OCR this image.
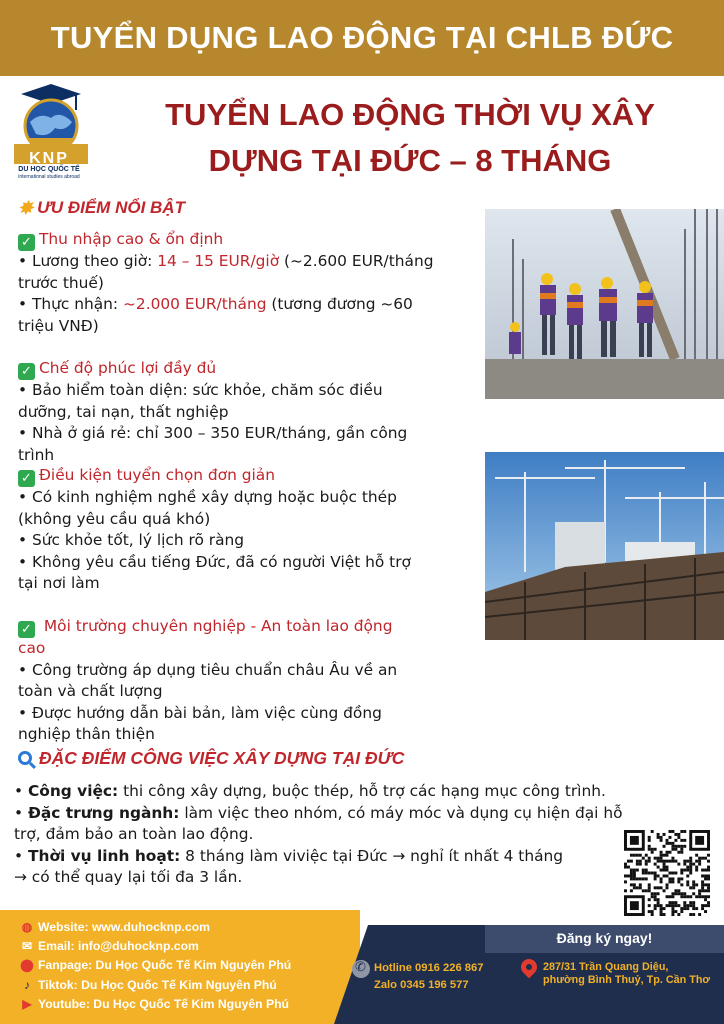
TUYỂN DỤNG LAO ĐỘNG TẠI CHLB ĐỨC
KNP
DU HỌC QUỐC TẾ
international studies abroad
TUYỂN LAO ĐỘNG THỜI VỤ XÂY
DỰNG TẠI ĐỨC – 8 THÁNG
✸ ƯU ĐIỂM NỔI BẬT
✓ Thu nhập cao & ổn định
• Lương theo giờ: 14 – 15 EUR/giờ (~2.600 EUR/tháng
trước thuế)
• Thực nhận: ~2.000 EUR/tháng (tương đương ~60
triệu VNĐ)
✓ Chế độ phúc lợi đầy đủ
• Bảo hiểm toàn diện: sức khỏe, chăm sóc điều
dưỡng, tai nạn, thất nghiệp
• Nhà ở giá rẻ: chỉ 300 – 350 EUR/tháng, gần công
trình
✓ Điều kiện tuyển chọn đơn giản
• Có kinh nghiệm nghề xây dựng hoặc buộc thép
(không yêu cầu quá khó)
• Sức khỏe tốt, lý lịch rõ ràng
• Không yêu cầu tiếng Đức, đã có người Việt hỗ trợ
tại nơi làm
✓ Môi trường chuyên nghiệp - An toàn lao động
cao
• Công trường áp dụng tiêu chuẩn châu Âu về an
toàn và chất lượng
• Được hướng dẫn bài bản, làm việc cùng đồng
nghiệp thân thiện
ĐẶC ĐIỂM CÔNG VIỆC XÂY DỰNG TẠI ĐỨC
• Công việc: thi công xây dựng, buộc thép, hỗ trợ các hạng mục công trình.
• Đặc trưng ngành: làm việc theo nhóm, có máy móc và dụng cụ hiện đại hỗ
trợ, đảm bảo an toàn lao động.
• Thời vụ linh hoạt: 8 tháng làm viviệc tại Đức → nghỉ ít nhất 4 tháng
→ có thể quay lại tối đa 3 lần.
Đăng ký ngay!
◍ Website: www.duhocknp.com
✉ Email: info@duhocknp.com
⬤ Fanpage: Du Học Quốc Tế Kim Nguyên Phú
♪ Tiktok: Du Học Quốc Tế Kim Nguyên Phú
▶ Youtube: Du Học Quốc Tế Kim Nguyên Phú
✆
Hotline 0916 226 867
Zalo 0345 196 577
287/31 Trần Quang Diệu,
phường Bình Thuỷ, Tp. Cần Thơ
